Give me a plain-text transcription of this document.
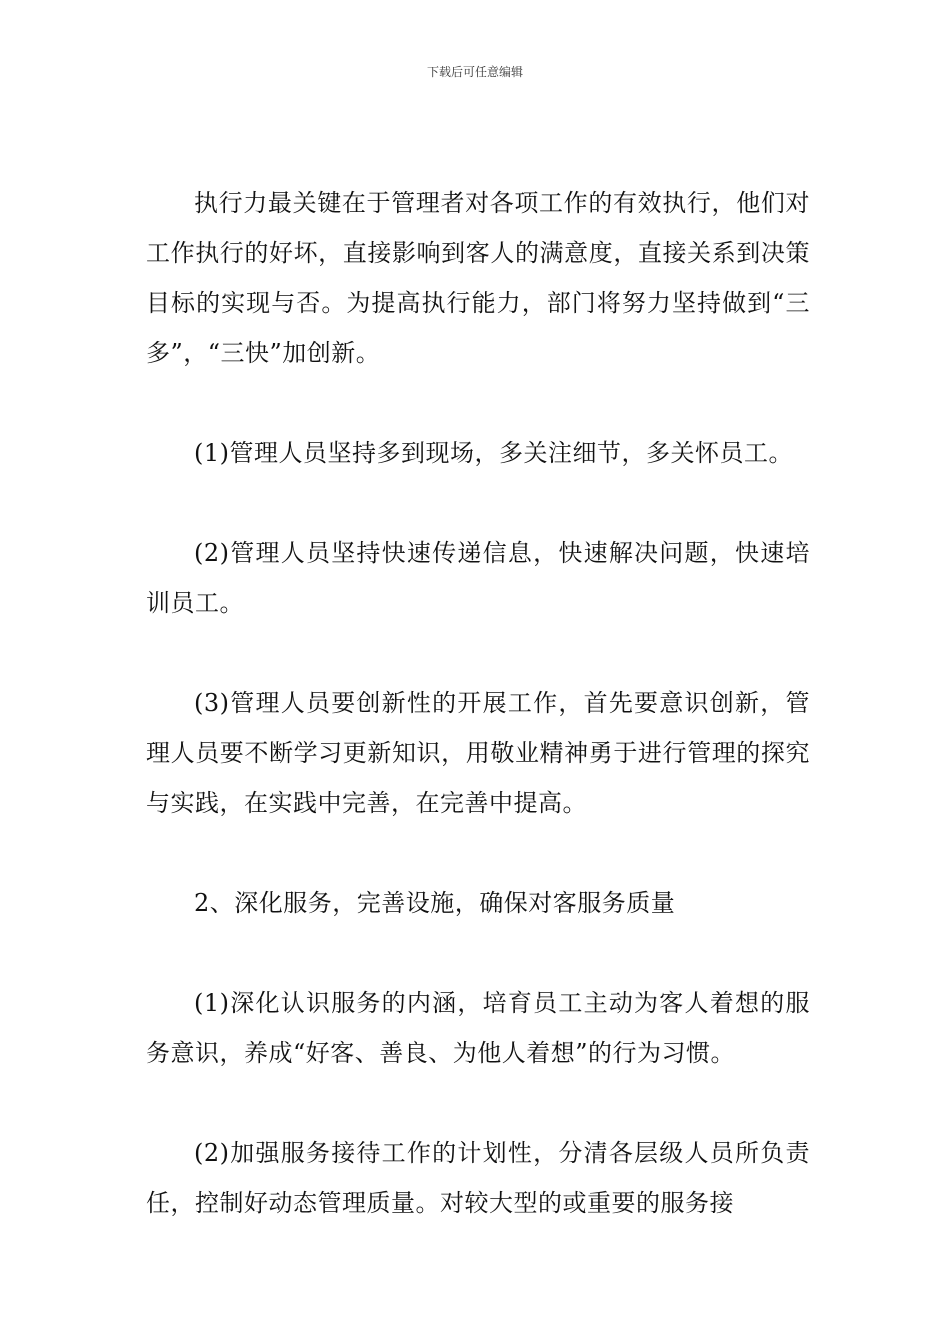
下载后可任意编辑

执行力最关键在于管理者对各项工作的有效执行，他们对工作执行的好坏，直接影响到客人的满意度，直接关系到决策目标的实现与否。为提高执行能力，部门将努力坚持做到“三多”，“三快”加创新。

(1)管理人员坚持多到现场，多关注细节，多关怀员工。

(2)管理人员坚持快速传递信息，快速解决问题，快速培训员工。

(3)管理人员要创新性的开展工作，首先要意识创新，管理人员要不断学习更新知识，用敬业精神勇于进行管理的探究与实践，在实践中完善，在完善中提高。

2、深化服务，完善设施，确保对客服务质量

(1)深化认识服务的内涵，培育员工主动为客人着想的服务意识，养成“好客、善良、为他人着想”的行为习惯。

(2)加强服务接待工作的计划性，分清各层级人员所负责任，控制好动态管理质量。对较大型的或重要的服务接
